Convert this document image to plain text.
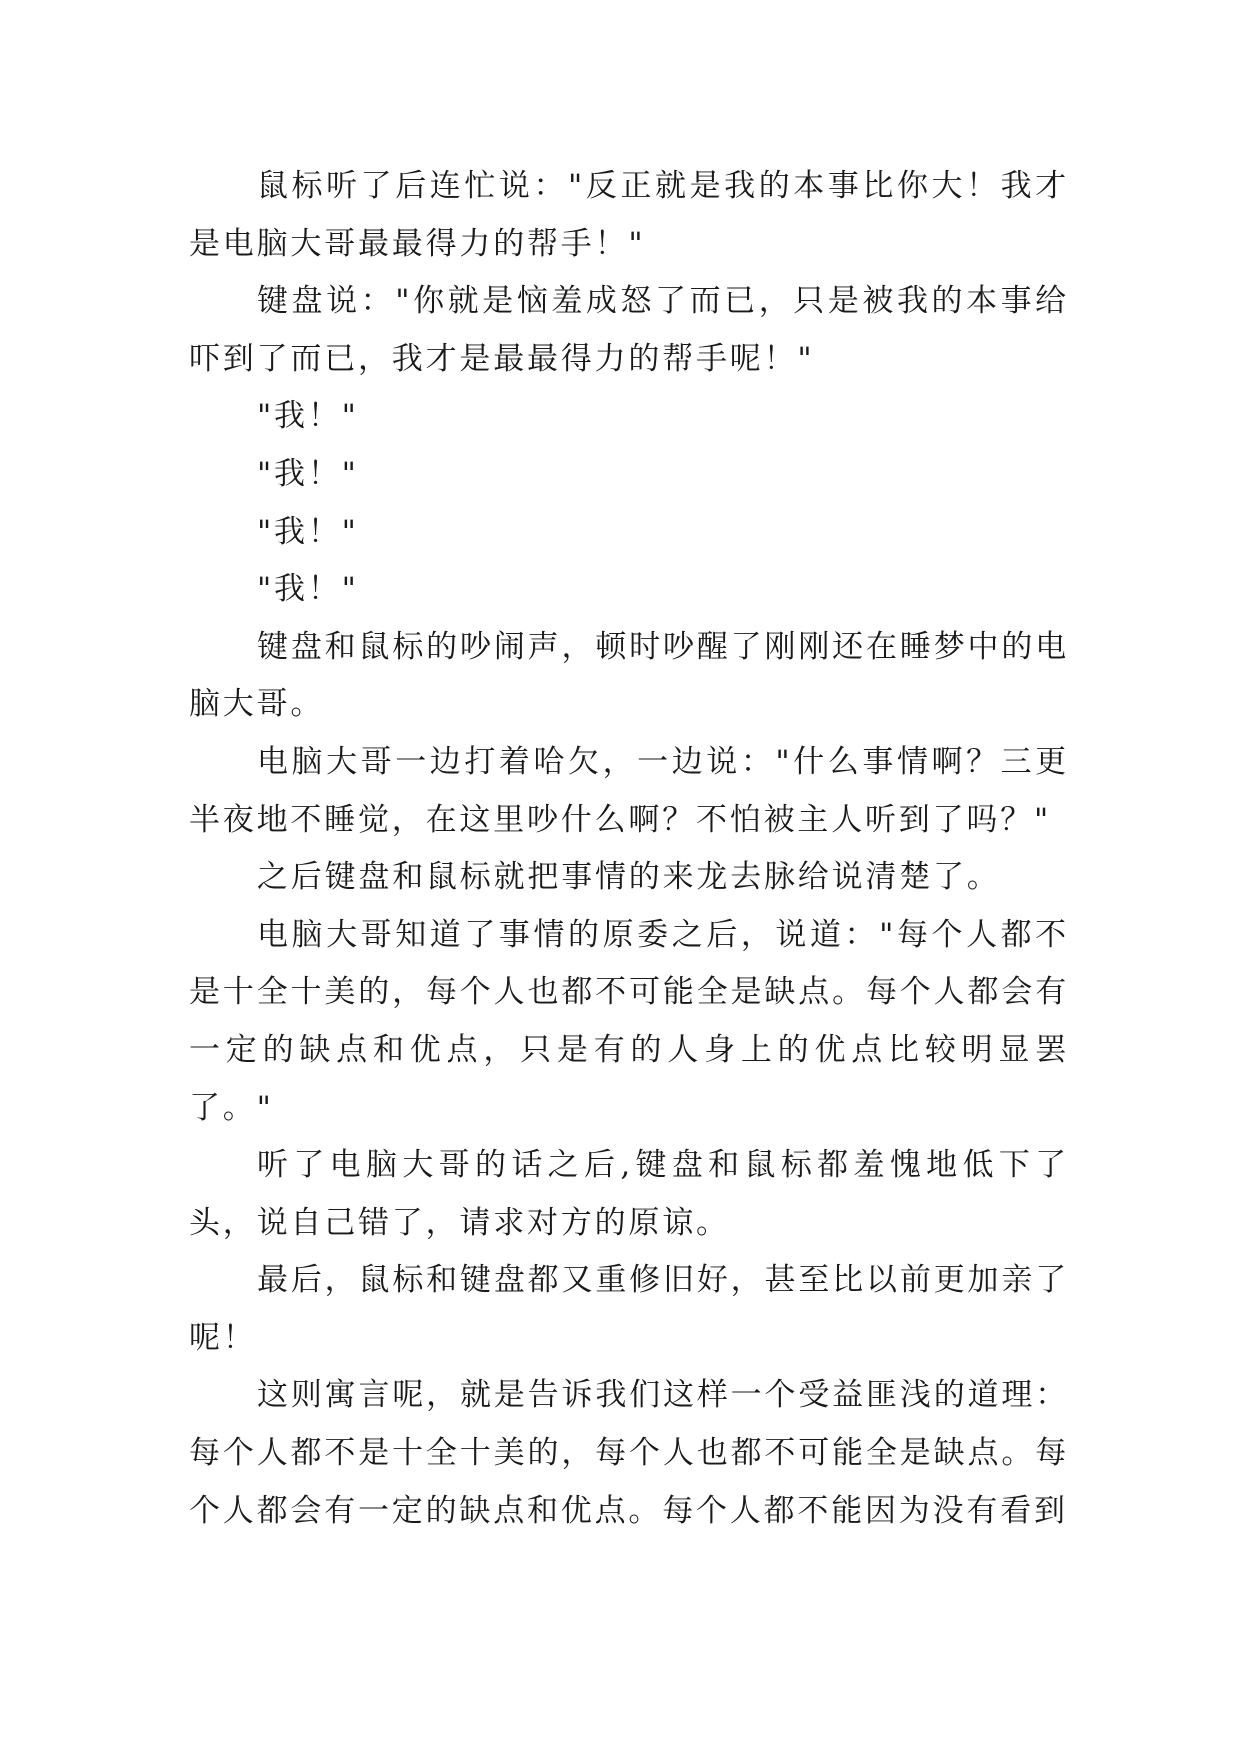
鼠标听了后连忙说："反正就是我的本事比你大！我才是电脑大哥最最得力的帮手！"

键盘说："你就是恼羞成怒了而已，只是被我的本事给吓到了而已，我才是最最得力的帮手呢！"

"我！"

"我！"

"我！"

"我！"

键盘和鼠标的吵闹声，顿时吵醒了刚刚还在睡梦中的电脑大哥。

电脑大哥一边打着哈欠，一边说："什么事情啊？三更半夜地不睡觉，在这里吵什么啊？不怕被主人听到了吗？"

之后键盘和鼠标就把事情的来龙去脉给说清楚了。

电脑大哥知道了事情的原委之后，说道："每个人都不是十全十美的，每个人也都不可能全是缺点。每个人都会有一定的缺点和优点，只是有的人身上的优点比较明显罢了。"

听了电脑大哥的话之后,键盘和鼠标都羞愧地低下了头，说自己错了，请求对方的原谅。

最后，鼠标和键盘都又重修旧好，甚至比以前更加亲了呢！

这则寓言呢，就是告诉我们这样一个受益匪浅的道理：每个人都不是十全十美的，每个人也都不可能全是缺点。每个人都会有一定的缺点和优点。每个人都不能因为没有看到
